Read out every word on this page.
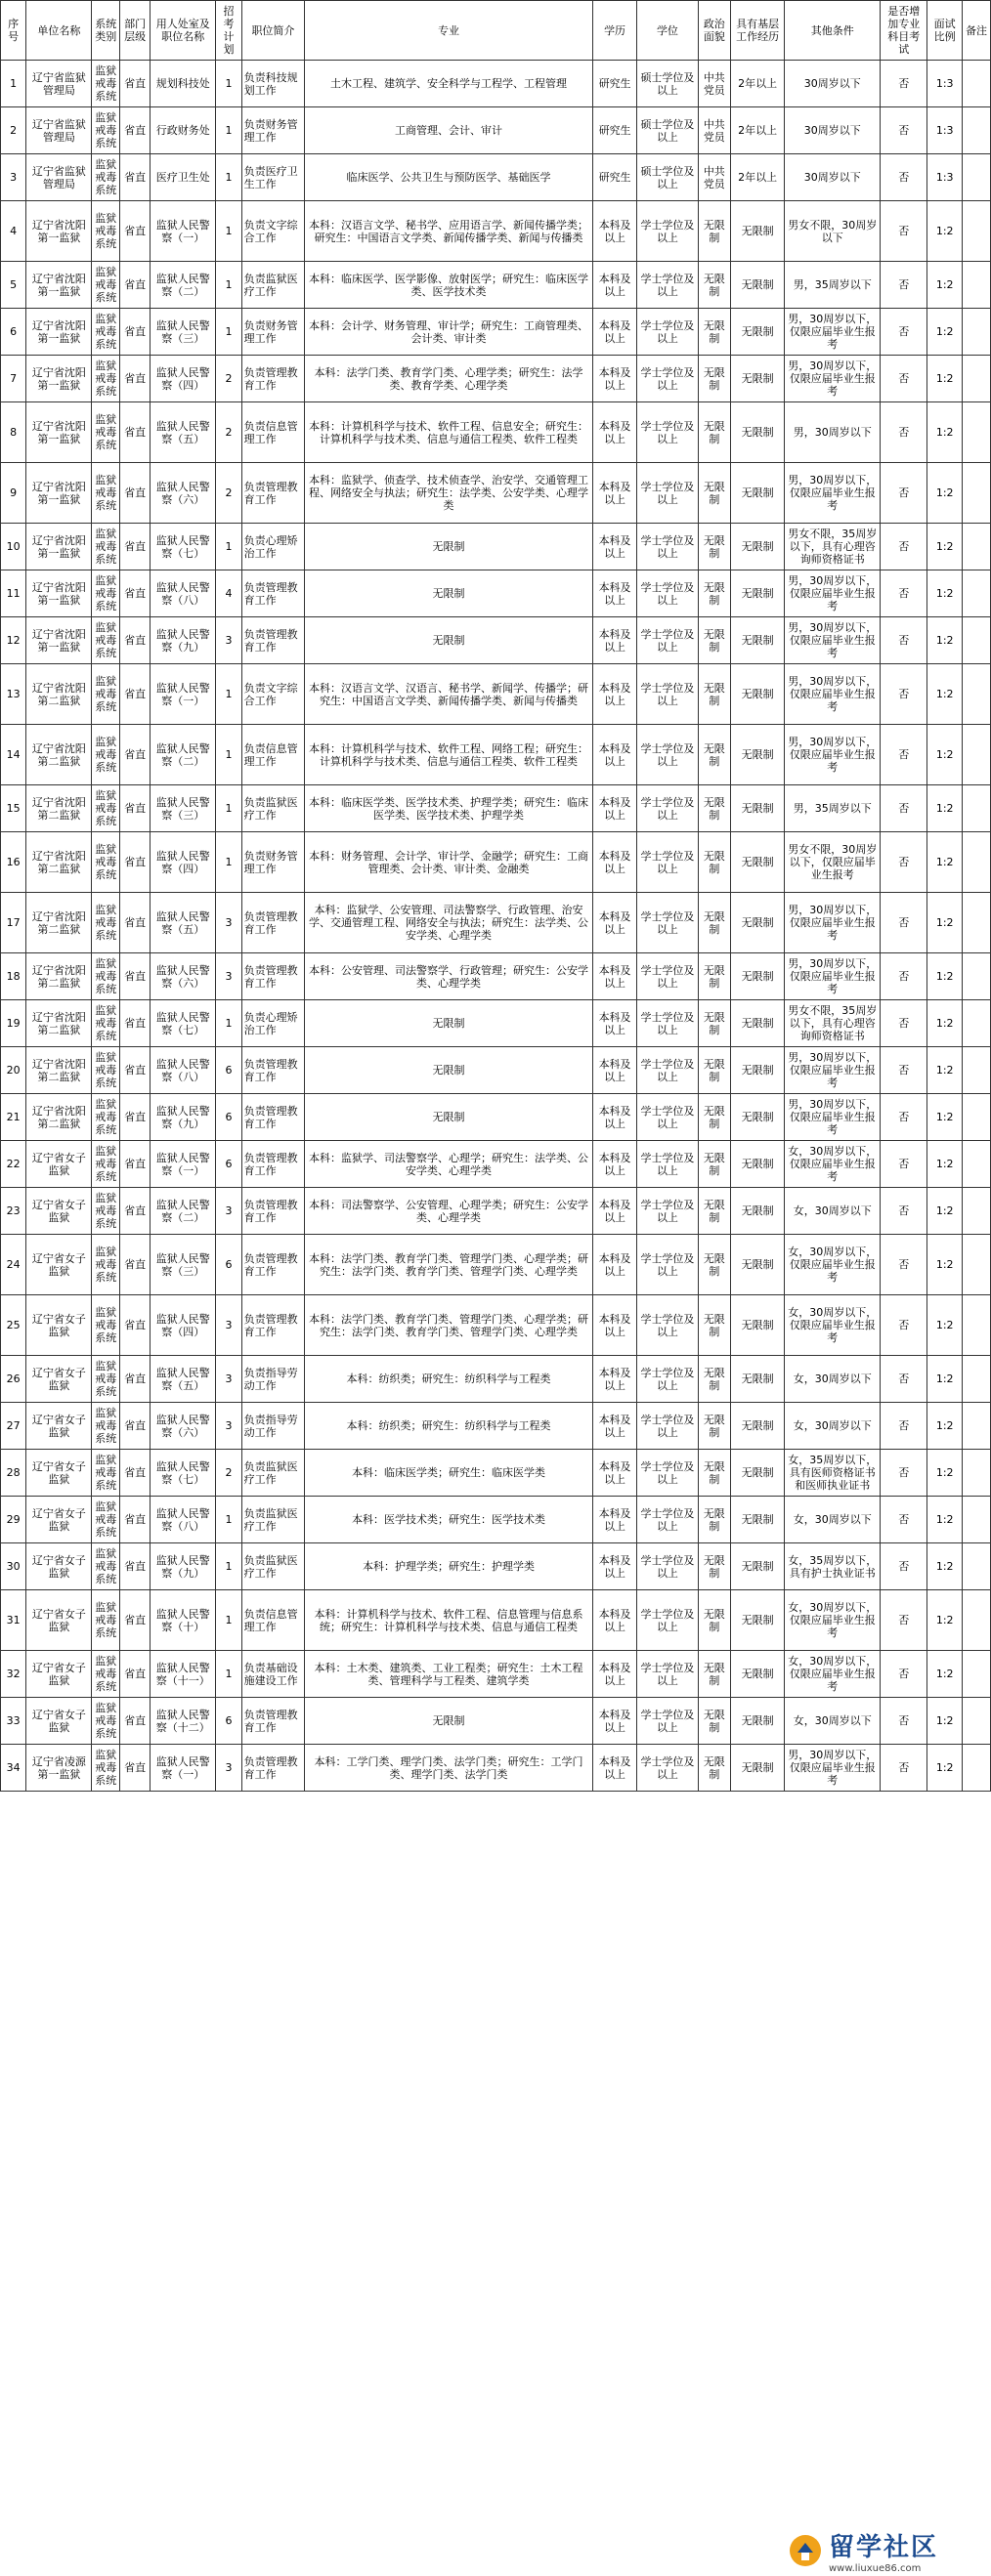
序号	单位名称	系统类别	部门层级	用人处室及职位名称	招考计划	职位简介	专业	学历	学位	政治面貌	具有基层工作经历	其他条件	是否增加专业科目考试	面试比例	备注
1	辽宁省监狱管理局	监狱戒毒系统	省直	规划科技处	1	负责科技规划工作	土木工程、建筑学、安全科学与工程学、工程管理	研究生	硕士学位及以上	中共党员	2年以上	30周岁以下	否	1:3	
2	辽宁省监狱管理局	监狱戒毒系统	省直	行政财务处	1	负责财务管理工作	工商管理、会计、审计	研究生	硕士学位及以上	中共党员	2年以上	30周岁以下	否	1:3	
3	辽宁省监狱管理局	监狱戒毒系统	省直	医疗卫生处	1	负责医疗卫生工作	临床医学、公共卫生与预防医学、基础医学	研究生	硕士学位及以上	中共党员	2年以上	30周岁以下	否	1:3	
4	辽宁省沈阳第一监狱	监狱戒毒系统	省直	监狱人民警察（一）	1	负责文字综合工作	本科：汉语言文学、秘书学、应用语言学、新闻传播学类；研究生：中国语言文学类、新闻传播学类、新闻与传播类	本科及以上	学士学位及以上	无限制	无限制	男女不限，30周岁以下	否	1:2	
5	辽宁省沈阳第一监狱	监狱戒毒系统	省直	监狱人民警察（二）	1	负责监狱医疗工作	本科：临床医学、医学影像、放射医学；研究生：临床医学类、医学技术类	本科及以上	学士学位及以上	无限制	无限制	男，35周岁以下	否	1:2	
6	辽宁省沈阳第一监狱	监狱戒毒系统	省直	监狱人民警察（三）	1	负责财务管理工作	本科：会计学、财务管理、审计学；研究生：工商管理类、会计类、审计类	本科及以上	学士学位及以上	无限制	无限制	男，30周岁以下，仅限应届毕业生报考	否	1:2	
7	辽宁省沈阳第一监狱	监狱戒毒系统	省直	监狱人民警察（四）	2	负责管理教育工作	本科：法学门类、教育学门类、心理学类；研究生：法学类、教育学类、心理学类	本科及以上	学士学位及以上	无限制	无限制	男，30周岁以下，仅限应届毕业生报考	否	1:2	
8	辽宁省沈阳第一监狱	监狱戒毒系统	省直	监狱人民警察（五）	2	负责信息管理工作	本科：计算机科学与技术、软件工程、信息安全；研究生：计算机科学与技术类、信息与通信工程类、软件工程类	本科及以上	学士学位及以上	无限制	无限制	男，30周岁以下	否	1:2	
9	辽宁省沈阳第一监狱	监狱戒毒系统	省直	监狱人民警察（六）	2	负责管理教育工作	本科：监狱学、侦查学、技术侦查学、治安学、交通管理工程、网络安全与执法；研究生：法学类、公安学类、心理学类	本科及以上	学士学位及以上	无限制	无限制	男，30周岁以下，仅限应届毕业生报考	否	1:2	
10	辽宁省沈阳第一监狱	监狱戒毒系统	省直	监狱人民警察（七）	1	负责心理矫治工作	无限制	本科及以上	学士学位及以上	无限制	无限制	男女不限，35周岁以下，具有心理咨询师资格证书	否	1:2	
11	辽宁省沈阳第一监狱	监狱戒毒系统	省直	监狱人民警察（八）	4	负责管理教育工作	无限制	本科及以上	学士学位及以上	无限制	无限制	男，30周岁以下，仅限应届毕业生报考	否	1:2	
12	辽宁省沈阳第一监狱	监狱戒毒系统	省直	监狱人民警察（九）	3	负责管理教育工作	无限制	本科及以上	学士学位及以上	无限制	无限制	男，30周岁以下，仅限应届毕业生报考	否	1:2	
13	辽宁省沈阳第二监狱	监狱戒毒系统	省直	监狱人民警察（一）	1	负责文字综合工作	本科：汉语言文学、汉语言、秘书学、新闻学、传播学；研究生：中国语言文学类、新闻传播学类、新闻与传播类	本科及以上	学士学位及以上	无限制	无限制	男，30周岁以下，仅限应届毕业生报考	否	1:2	
14	辽宁省沈阳第二监狱	监狱戒毒系统	省直	监狱人民警察（二）	1	负责信息管理工作	本科：计算机科学与技术、软件工程、网络工程；研究生：计算机科学与技术类、信息与通信工程类、软件工程类	本科及以上	学士学位及以上	无限制	无限制	男，30周岁以下，仅限应届毕业生报考	否	1:2	
15	辽宁省沈阳第二监狱	监狱戒毒系统	省直	监狱人民警察（三）	1	负责监狱医疗工作	本科：临床医学类、医学技术类、护理学类；研究生：临床医学类、医学技术类、护理学类	本科及以上	学士学位及以上	无限制	无限制	男，35周岁以下	否	1:2	
16	辽宁省沈阳第二监狱	监狱戒毒系统	省直	监狱人民警察（四）	1	负责财务管理工作	本科：财务管理、会计学、审计学、金融学；研究生：工商管理类、会计类、审计类、金融类	本科及以上	学士学位及以上	无限制	无限制	男女不限，30周岁以下，仅限应届毕业生报考	否	1:2	
17	辽宁省沈阳第二监狱	监狱戒毒系统	省直	监狱人民警察（五）	3	负责管理教育工作	本科：监狱学、公安管理、司法警察学、行政管理、治安学、交通管理工程、网络安全与执法；研究生：法学类、公安学类、心理学类	本科及以上	学士学位及以上	无限制	无限制	男，30周岁以下，仅限应届毕业生报考	否	1:2	
18	辽宁省沈阳第二监狱	监狱戒毒系统	省直	监狱人民警察（六）	3	负责管理教育工作	本科：公安管理、司法警察学、行政管理；研究生：公安学类、心理学类	本科及以上	学士学位及以上	无限制	无限制	男，30周岁以下，仅限应届毕业生报考	否	1:2	
19	辽宁省沈阳第二监狱	监狱戒毒系统	省直	监狱人民警察（七）	1	负责心理矫治工作	无限制	本科及以上	学士学位及以上	无限制	无限制	男女不限，35周岁以下，具有心理咨询师资格证书	否	1:2	
20	辽宁省沈阳第二监狱	监狱戒毒系统	省直	监狱人民警察（八）	6	负责管理教育工作	无限制	本科及以上	学士学位及以上	无限制	无限制	男，30周岁以下，仅限应届毕业生报考	否	1:2	
21	辽宁省沈阳第二监狱	监狱戒毒系统	省直	监狱人民警察（九）	6	负责管理教育工作	无限制	本科及以上	学士学位及以上	无限制	无限制	男，30周岁以下，仅限应届毕业生报考	否	1:2	
22	辽宁省女子监狱	监狱戒毒系统	省直	监狱人民警察（一）	6	负责管理教育工作	本科：监狱学、司法警察学、心理学；研究生：法学类、公安学类、心理学类	本科及以上	学士学位及以上	无限制	无限制	女，30周岁以下，仅限应届毕业生报考	否	1:2	
23	辽宁省女子监狱	监狱戒毒系统	省直	监狱人民警察（二）	3	负责管理教育工作	本科：司法警察学、公安管理、心理学类；研究生：公安学类、心理学类	本科及以上	学士学位及以上	无限制	无限制	女，30周岁以下	否	1:2	
24	辽宁省女子监狱	监狱戒毒系统	省直	监狱人民警察（三）	6	负责管理教育工作	本科：法学门类、教育学门类、管理学门类、心理学类；研究生：法学门类、教育学门类、管理学门类、心理学类	本科及以上	学士学位及以上	无限制	无限制	女，30周岁以下，仅限应届毕业生报考	否	1:2	
25	辽宁省女子监狱	监狱戒毒系统	省直	监狱人民警察（四）	3	负责管理教育工作	本科：法学门类、教育学门类、管理学门类、心理学类；研究生：法学门类、教育学门类、管理学门类、心理学类	本科及以上	学士学位及以上	无限制	无限制	女，30周岁以下，仅限应届毕业生报考	否	1:2	
26	辽宁省女子监狱	监狱戒毒系统	省直	监狱人民警察（五）	3	负责指导劳动工作	本科：纺织类；研究生：纺织科学与工程类	本科及以上	学士学位及以上	无限制	无限制	女，30周岁以下	否	1:2	
27	辽宁省女子监狱	监狱戒毒系统	省直	监狱人民警察（六）	3	负责指导劳动工作	本科：纺织类；研究生：纺织科学与工程类	本科及以上	学士学位及以上	无限制	无限制	女，30周岁以下	否	1:2	
28	辽宁省女子监狱	监狱戒毒系统	省直	监狱人民警察（七）	2	负责监狱医疗工作	本科：临床医学类；研究生：临床医学类	本科及以上	学士学位及以上	无限制	无限制	女，35周岁以下，具有医师资格证书和医师执业证书	否	1:2	
29	辽宁省女子监狱	监狱戒毒系统	省直	监狱人民警察（八）	1	负责监狱医疗工作	本科：医学技术类；研究生：医学技术类	本科及以上	学士学位及以上	无限制	无限制	女，30周岁以下	否	1:2	
30	辽宁省女子监狱	监狱戒毒系统	省直	监狱人民警察（九）	1	负责监狱医疗工作	本科：护理学类；研究生：护理学类	本科及以上	学士学位及以上	无限制	无限制	女，35周岁以下，具有护士执业证书	否	1:2	
31	辽宁省女子监狱	监狱戒毒系统	省直	监狱人民警察（十）	1	负责信息管理工作	本科：计算机科学与技术、软件工程、信息管理与信息系统；研究生：计算机科学与技术类、信息与通信工程类	本科及以上	学士学位及以上	无限制	无限制	女，30周岁以下，仅限应届毕业生报考	否	1:2	
32	辽宁省女子监狱	监狱戒毒系统	省直	监狱人民警察（十一）	1	负责基础设施建设工作	本科：土木类、建筑类、工业工程类；研究生：土木工程类、管理科学与工程类、建筑学类	本科及以上	学士学位及以上	无限制	无限制	女，30周岁以下，仅限应届毕业生报考	否	1:2	
33	辽宁省女子监狱	监狱戒毒系统	省直	监狱人民警察（十二）	6	负责管理教育工作	无限制	本科及以上	学士学位及以上	无限制	无限制	女，30周岁以下	否	1:2	
34	辽宁省凌源第一监狱	监狱戒毒系统	省直	监狱人民警察（一）	3	负责管理教育工作	本科：工学门类、理学门类、法学门类；研究生：工学门类、理学门类、法学门类	本科及以上	学士学位及以上	无限制	无限制	男，30周岁以下，仅限应届毕业生报考	否	1:2	
留学社区
www.liuxue86.com
